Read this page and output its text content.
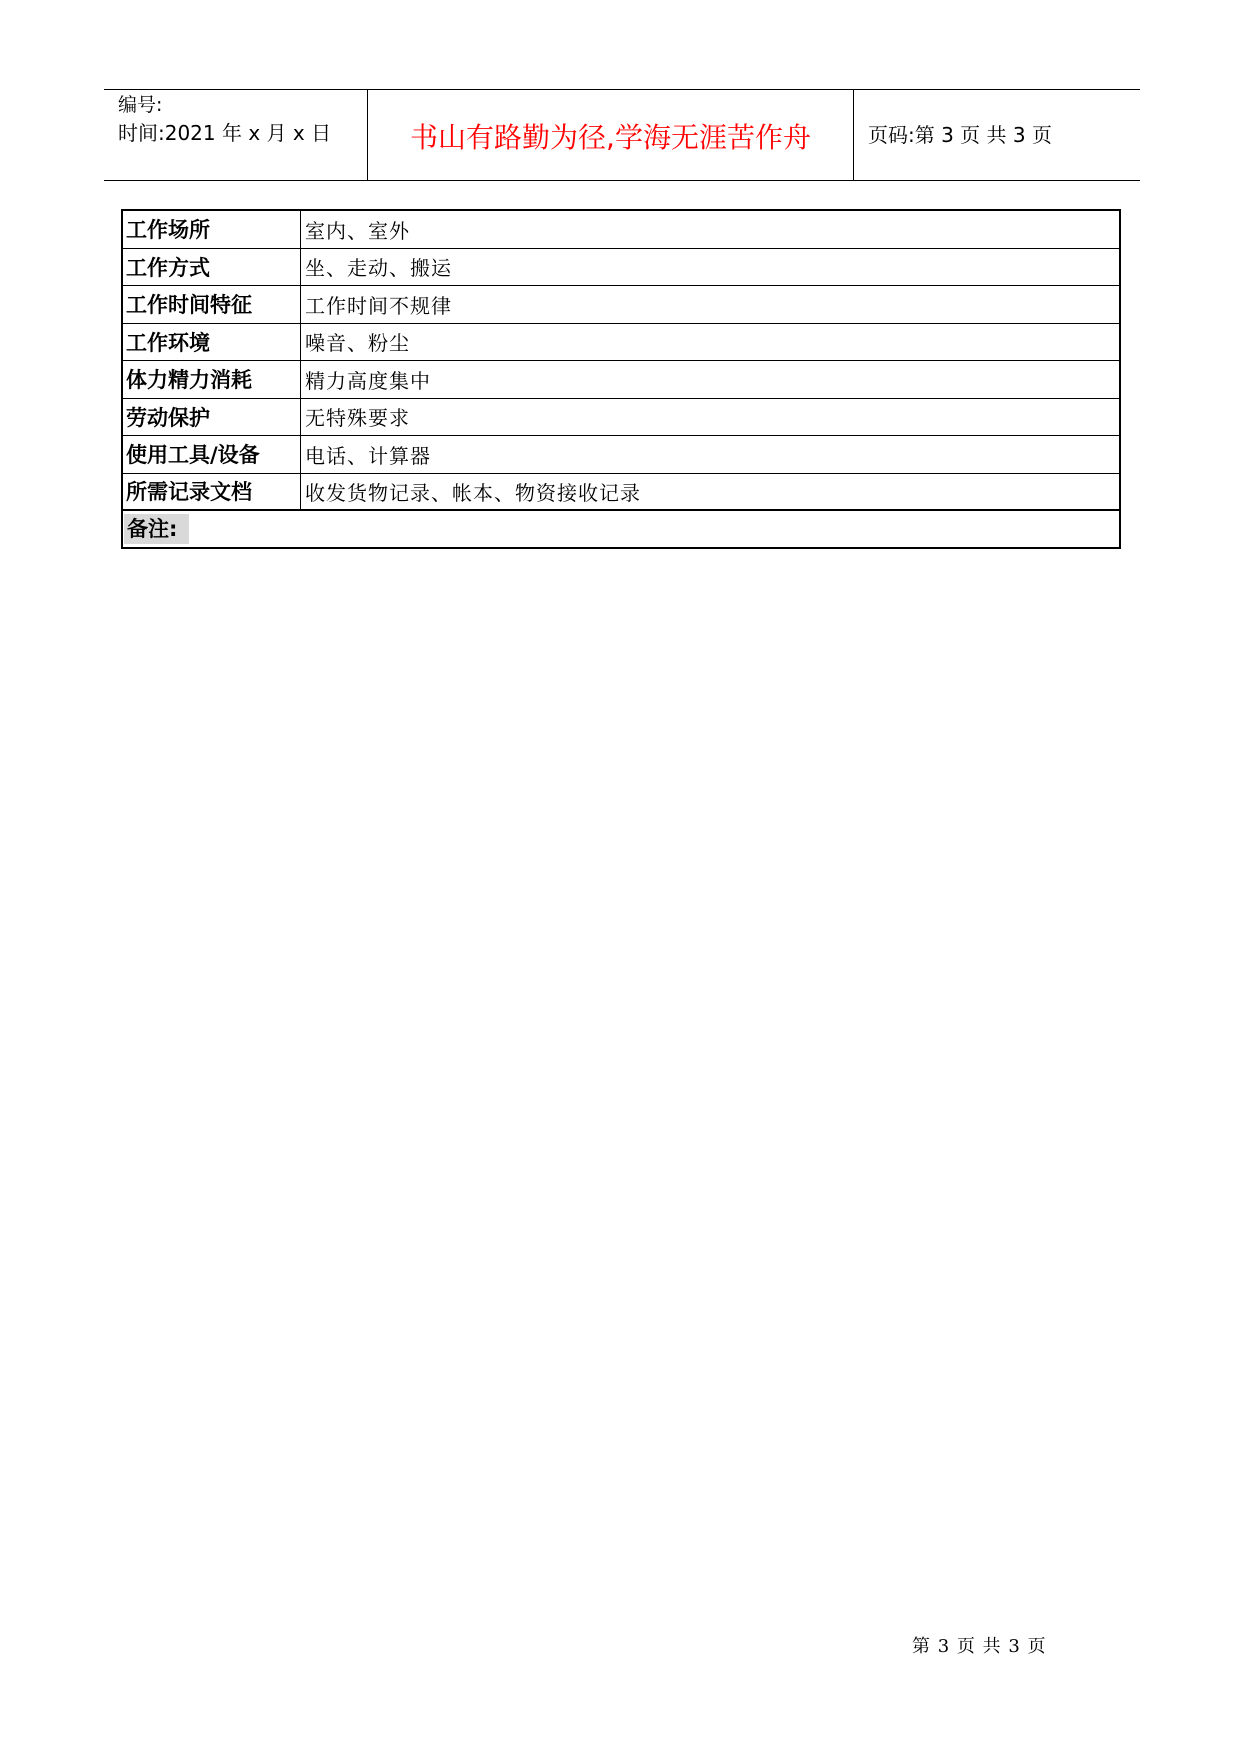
编号:
时间:2021 年 x 月 x 日	书山有路勤为径,学海无涯苦作舟	页码:第 3 页 共 3 页
工作场所	室内、室外
工作方式	坐、走动、搬运
工作时间特征	工作时间不规律
工作环境	噪音、粉尘
体力精力消耗	精力高度集中
劳动保护	无特殊要求
使用工具/设备	电话、计算器
所需记录文档	收发货物记录、帐本、物资接收记录
备注:
第 3 页 共 3 页
